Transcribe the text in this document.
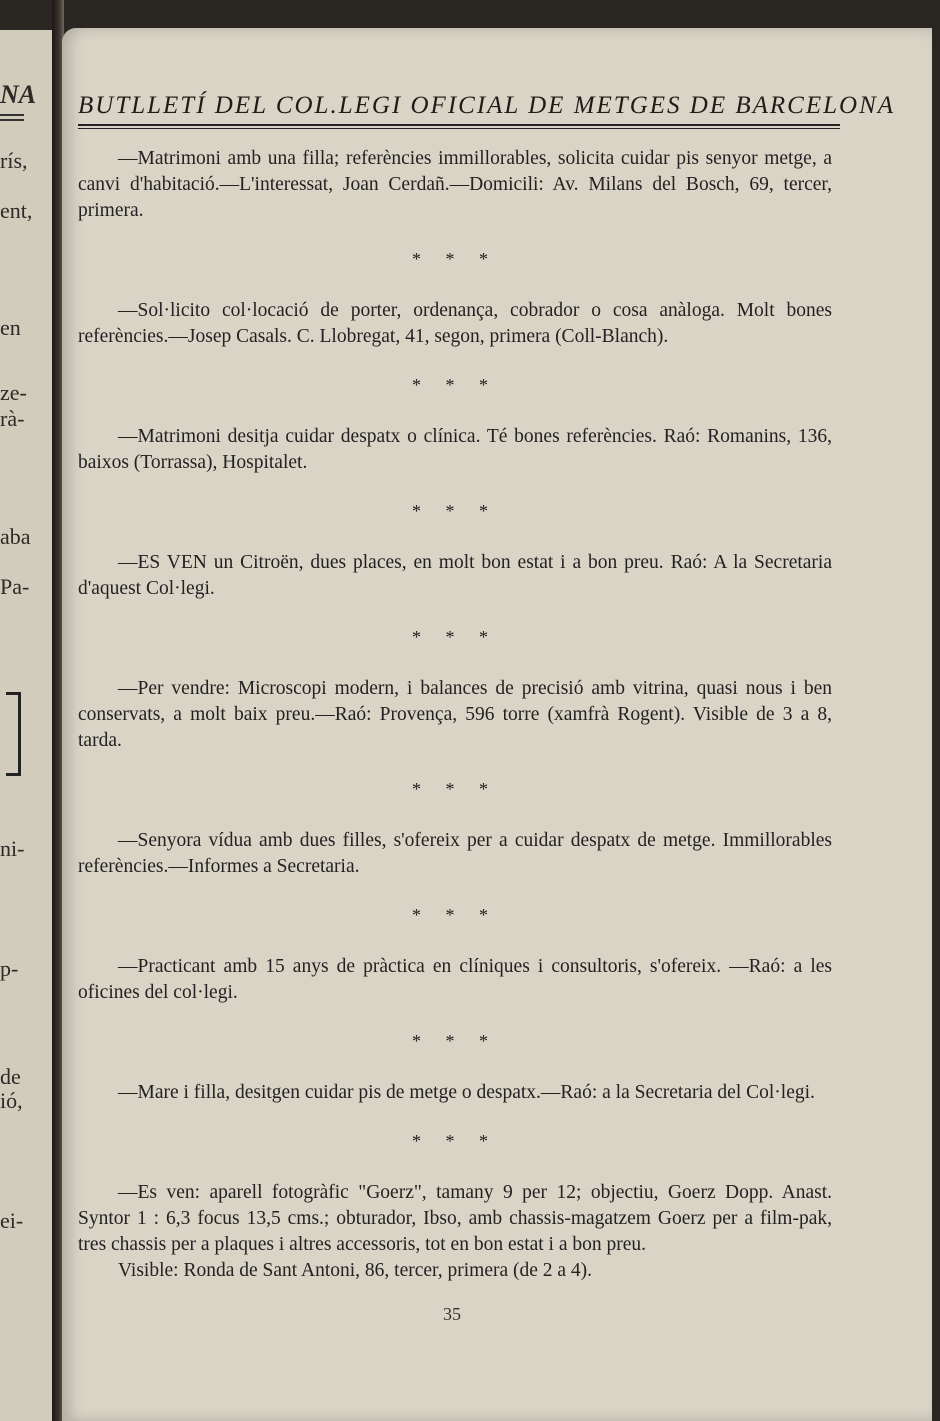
NA
rís,
ent,
en
ze-
rà-
aba
Pa-
ni-
p-
de
ió,
ei-
BUTLLETÍ DEL COL.LEGI OFICIAL DE METGES DE BARCELONA

—Matrimoni amb una filla; referències immillorables, solicita cuidar pis senyor metge, a canvi d'habitació.—L'interessat, Joan Cerdañ.—Domicili: Av. Milans del Bosch, 69, tercer, primera.

* * *

—Sol·licito col·locació de porter, ordenança, cobrador o cosa anàloga. Molt bones referències.—Josep Casals. C. Llobregat, 41, segon, primera (Coll-Blanch).

* * *

—Matrimoni desitja cuidar despatx o clínica. Té bones referències. Raó: Romanins, 136, baixos (Torrassa), Hospitalet.

* * *

—ES VEN un Citroën, dues places, en molt bon estat i a bon preu. Raó: A la Secretaria d'aquest Col·legi.

* * *

—Per vendre: Microscopi modern, i balances de precisió amb vitrina, quasi nous i ben conservats, a molt baix preu.—Raó: Provença, 596 torre (xamfrà Rogent). Visible de 3 a 8, tarda.

* * *

—Senyora vídua amb dues filles, s'ofereix per a cuidar despatx de metge. Immillorables referències.—Informes a Secretaria.

* * *

—Practicant amb 15 anys de pràctica en clíniques i consultoris, s'ofereix. —Raó: a les oficines del col·legi.

* * *

—Mare i filla, desitgen cuidar pis de metge o despatx.—Raó: a la Secretaria del Col·legi.

* * *

—Es ven: aparell fotogràfic "Goerz", tamany 9 per 12; objectiu, Goerz Dopp. Anast. Syntor 1 : 6,3 focus 13,5 cms.; obturador, Ibso, amb chassis-magatzem Goerz per a film-pak, tres chassis per a plaques i altres accessoris, tot en bon estat i a bon preu.

Visible: Ronda de Sant Antoni, 86, tercer, primera (de 2 a 4).

35
